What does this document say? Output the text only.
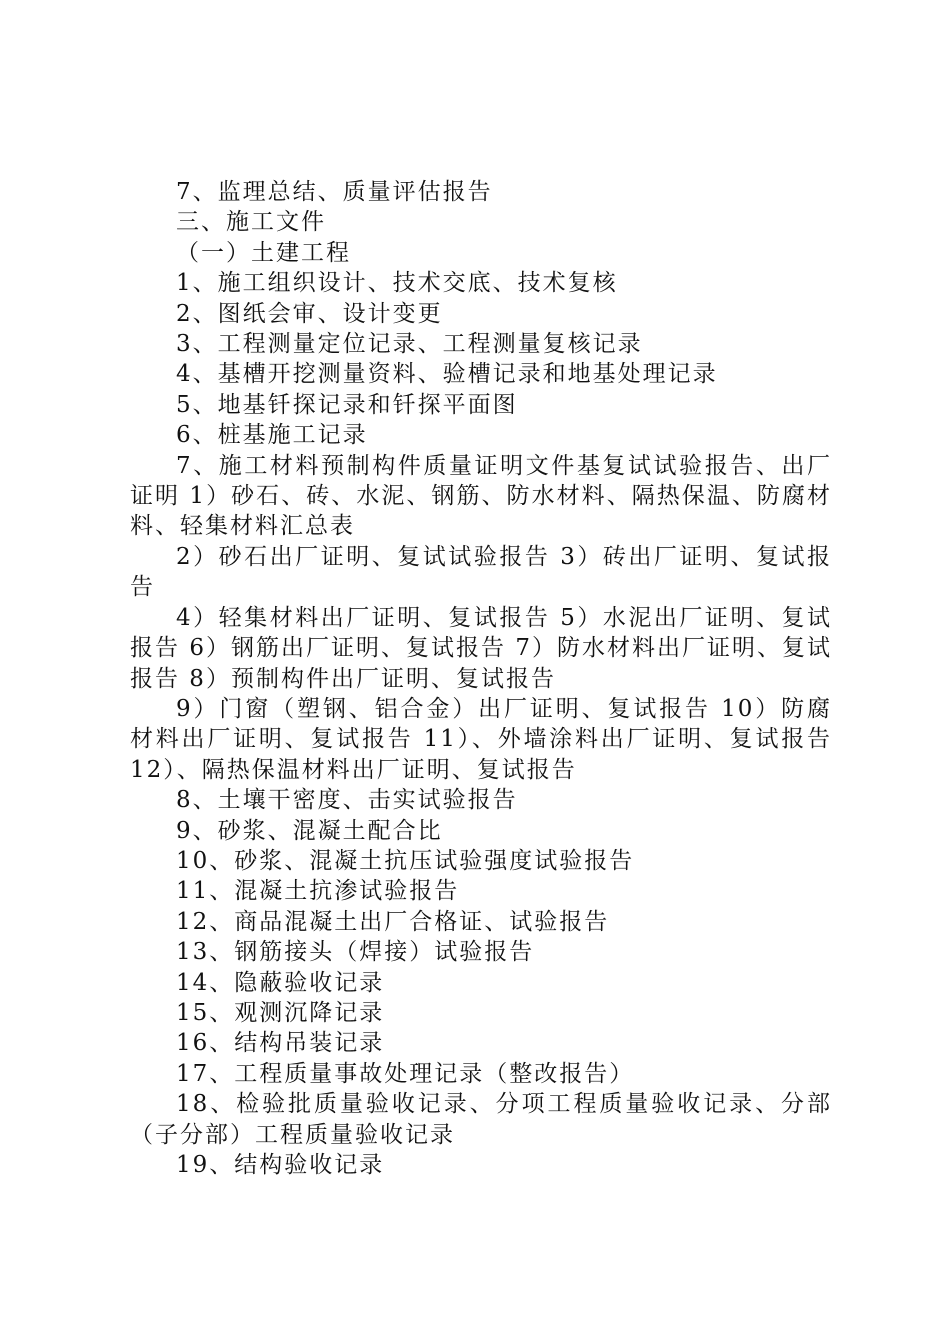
7、监理总结、质量评估报告

三、施工文件

（一）土建工程

1、施工组织设计、技术交底、技术复核

2、图纸会审、设计变更

3、工程测量定位记录、工程测量复核记录

4、基槽开挖测量资料、验槽记录和地基处理记录

5、地基钎探记录和钎探平面图

6、桩基施工记录

7、施工材料预制构件质量证明文件基复试试验报告、出厂证明 1）砂石、砖、水泥、钢筋、防水材料、隔热保温、防腐材料、轻集材料汇总表

2）砂石出厂证明、复试试验报告 3）砖出厂证明、复试报告

4）轻集材料出厂证明、复试报告 5）水泥出厂证明、复试报告 6）钢筋出厂证明、复试报告 7）防水材料出厂证明、复试报告 8）预制构件出厂证明、复试报告

9）门窗（塑钢、铝合金）出厂证明、复试报告 10）防腐材料出厂证明、复试报告 11）、外墙涂料出厂证明、复试报告 12）、隔热保温材料出厂证明、复试报告

8、土壤干密度、击实试验报告

9、砂浆、混凝土配合比

10、砂浆、混凝土抗压试验强度试验报告

11、混凝土抗渗试验报告

12、商品混凝土出厂合格证、试验报告

13、钢筋接头（焊接）试验报告

14、隐蔽验收记录

15、观测沉降记录

16、结构吊装记录

17、工程质量事故处理记录（整改报告）

18、检验批质量验收记录、分项工程质量验收记录、分部（子分部）工程质量验收记录

19、结构验收记录
